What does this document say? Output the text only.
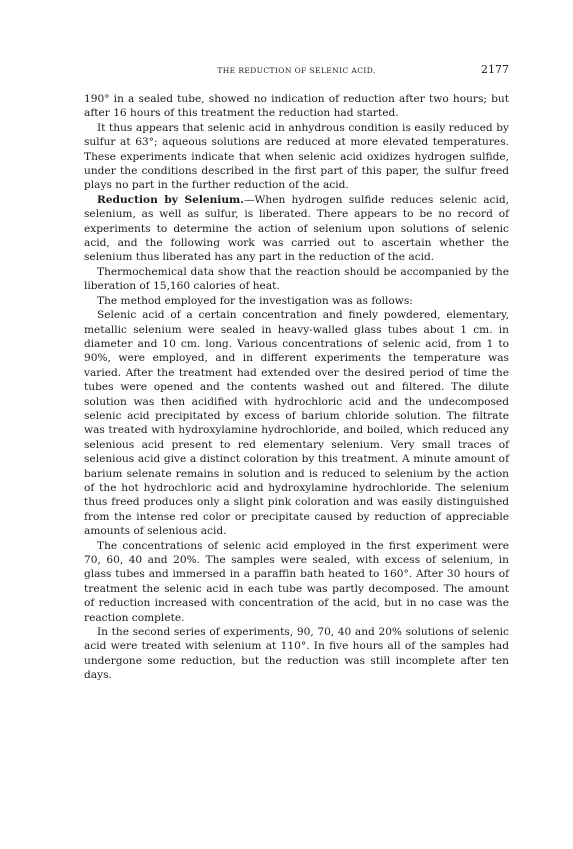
THE REDUCTION OF SELENIC ACID.	2177

190° in a sealed tube, showed no indication of reduction after two hours; but after 16 hours of this treatment the reduction had started.

It thus appears that selenic acid in anhydrous condition is easily reduced by sulfur at 63°; aqueous solutions are reduced at more elevated temperatures. These experiments indicate that when selenic acid oxidizes hydrogen sulfide, under the conditions described in the first part of this paper, the sulfur freed plays no part in the further reduction of the acid.

Reduction by Selenium.—When hydrogen sulfide reduces selenic acid, selenium, as well as sulfur, is liberated. There appears to be no record of experiments to determine the action of selenium upon solutions of selenic acid, and the following work was carried out to ascertain whether the selenium thus liberated has any part in the reduction of the acid.

Thermochemical data show that the reaction should be accompanied by the liberation of 15,160 calories of heat.

The method employed for the investigation was as follows:

Selenic acid of a certain concentration and finely powdered, elementary, metallic selenium were sealed in heavy-walled glass tubes about 1 cm. in diameter and 10 cm. long. Various concentrations of selenic acid, from 1 to 90%, were employed, and in different experiments the temperature was varied. After the treatment had extended over the desired period of time the tubes were opened and the contents washed out and filtered. The dilute solution was then acidified with hydrochloric acid and the undecomposed selenic acid precipitated by excess of barium chloride solution. The filtrate was treated with hydroxylamine hydrochloride, and boiled, which reduced any selenious acid present to red elementary selenium. Very small traces of selenious acid give a distinct coloration by this treatment. A minute amount of barium selenate remains in solution and is reduced to selenium by the action of the hot hydrochloric acid and hydroxylamine hydrochloride. The selenium thus freed produces only a slight pink coloration and was easily distinguished from the intense red color or precipitate caused by reduction of appreciable amounts of selenious acid.

The concentrations of selenic acid employed in the first experiment were 70, 60, 40 and 20%. The samples were sealed, with excess of selenium, in glass tubes and immersed in a paraffin bath heated to 160°. After 30 hours of treatment the selenic acid in each tube was partly decomposed. The amount of reduction increased with concentration of the acid, but in no case was the reaction complete.

In the second series of experiments, 90, 70, 40 and 20% solutions of selenic acid were treated with selenium at 110°. In five hours all of the samples had undergone some reduction, but the reduction was still incomplete after ten days.
